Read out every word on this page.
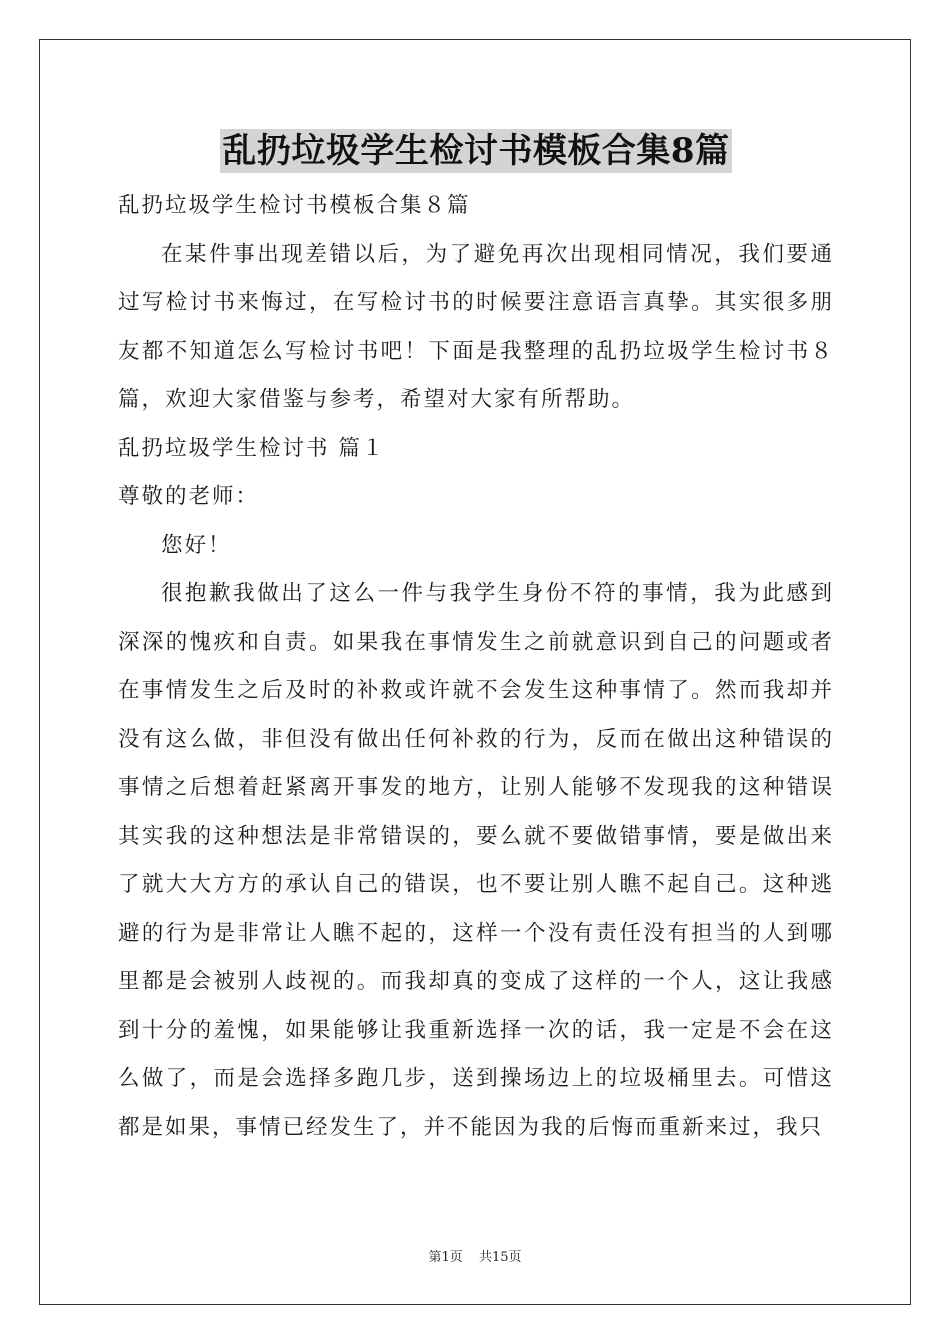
乱扔垃圾学生检讨书模板合集8篇

乱扔垃圾学生检讨书模板合集８篇

在某件事出现差错以后，为了避免再次出现相同情况，我们要通过写检讨书来悔过，在写检讨书的时候要注意语言真挚。其实很多朋友都不知道怎么写检讨书吧！下面是我整理的乱扔垃圾学生检讨书８篇，欢迎大家借鉴与参考，希望对大家有所帮助。

乱扔垃圾学生检讨书 篇１

尊敬的老师：

您好！

很抱歉我做出了这么一件与我学生身份不符的事情，我为此感到深深的愧疚和自责。如果我在事情发生之前就意识到自己的问题或者在事情发生之后及时的补救或许就不会发生这种事情了。然而我却并没有这么做，非但没有做出任何补救的行为，反而在做出这种错误的事情之后想着赶紧离开事发的地方，让别人能够不发现我的这种错误其实我的这种想法是非常错误的，要么就不要做错事情，要是做出来了就大大方方的承认自己的错误，也不要让别人瞧不起自己。这种逃避的行为是非常让人瞧不起的，这样一个没有责任没有担当的人到哪里都是会被别人歧视的。而我却真的变成了这样的一个人，这让我感到十分的羞愧，如果能够让我重新选择一次的话，我一定是不会在这么做了，而是会选择多跑几步，送到操场边上的垃圾桶里去。可惜这都是如果，事情已经发生了，并不能因为我的后悔而重新来过，我只

第1页 共15页
